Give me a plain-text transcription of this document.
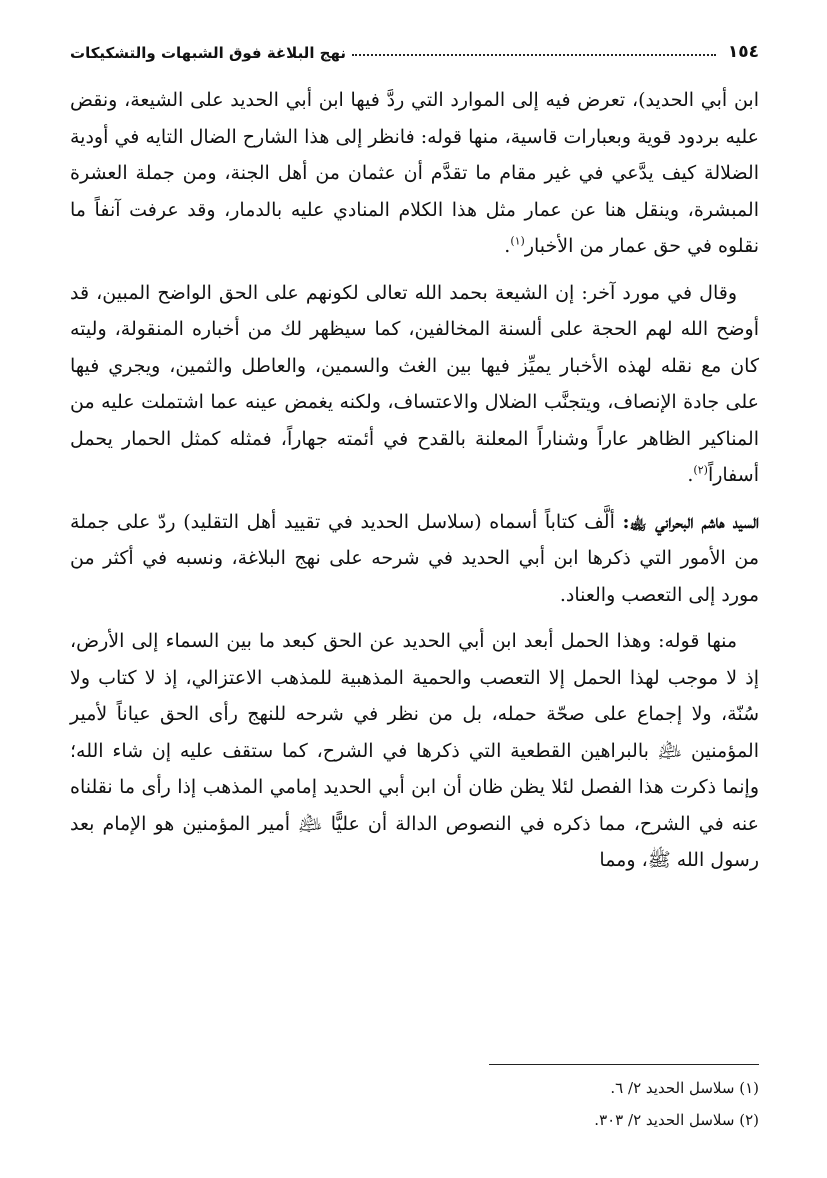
١٥٤
نهج البلاغة فوق الشبهات والتشكيكات

ابن أبي الحديد)، تعرض فيه إلى الموارد التي ردَّ فيها ابن أبي الحديد على الشيعة، ونقض عليه بردود قوية وبعبارات قاسية، منها قوله: فانظر إلى هذا الشارح الضال التايه في أودية الضلالة كيف يدَّعي في غير مقام ما تقدَّم أن عثمان من أهل الجنة، ومن جملة العشرة المبشرة، وينقل هنا عن عمار مثل هذا الكلام المنادي عليه بالدمار، وقد عرفت آنفاً ما نقلوه في حق عمار من الأخبار$^{(١)}$.

وقال في مورد آخر: إن الشيعة بحمد الله تعالى لكونهم على الحق الواضح المبين، قد أوضح الله لهم الحجة على ألسنة المخالفين، كما سيظهر لك من أخباره المنقولة، وليته كان مع نقله لهذه الأخبار يميِّز فيها بين الغث والسمين، والعاطل والثمين، ويجري فيها على جادة الإنصاف، ويتجنَّب الضلال والاعتساف، ولكنه يغمض عينه عما اشتملت عليه من المناكير الظاهر عاراً وشناراً المعلنة بالقدح في أئمته جهاراً، فمثله كمثل الحمار يحمل أسفاراً$^{(٢)}$.

السيد هاشم البحراني ﵀: ألَّف كتاباً أسماه (سلاسل الحديد في تقييد أهل التقليد) ردّ على جملة من الأمور التي ذكرها ابن أبي الحديد في شرحه على نهج البلاغة، ونسبه في أكثر من مورد إلى التعصب والعناد.

منها قوله: وهذا الحمل أبعد ابن أبي الحديد عن الحق كبعد ما بين السماء إلى الأرض، إذ لا موجب لهذا الحمل إلا التعصب والحمية المذهبية للمذهب الاعتزالي، إذ لا كتاب ولا سُنّة، ولا إجماع على صحّة حمله، بل من نظر في شرحه للنهج رأى الحق عياناً لأمير المؤمنين ﵇ بالبراهين القطعية التي ذكرها في الشرح، كما ستقف عليه إن شاء الله؛ وإنما ذكرت هذا الفصل لئلا يظن ظان أن ابن أبي الحديد إمامي المذهب إذا رأى ما نقلناه عنه في الشرح، مما ذكره في النصوص الدالة أن عليًّا ﵇ أمير المؤمنين هو الإمام بعد رسول الله ﷺ، ومما

(١) سلاسل الحديد ٢/ ٦.
(٢) سلاسل الحديد ٢/ ٣٠٣.
